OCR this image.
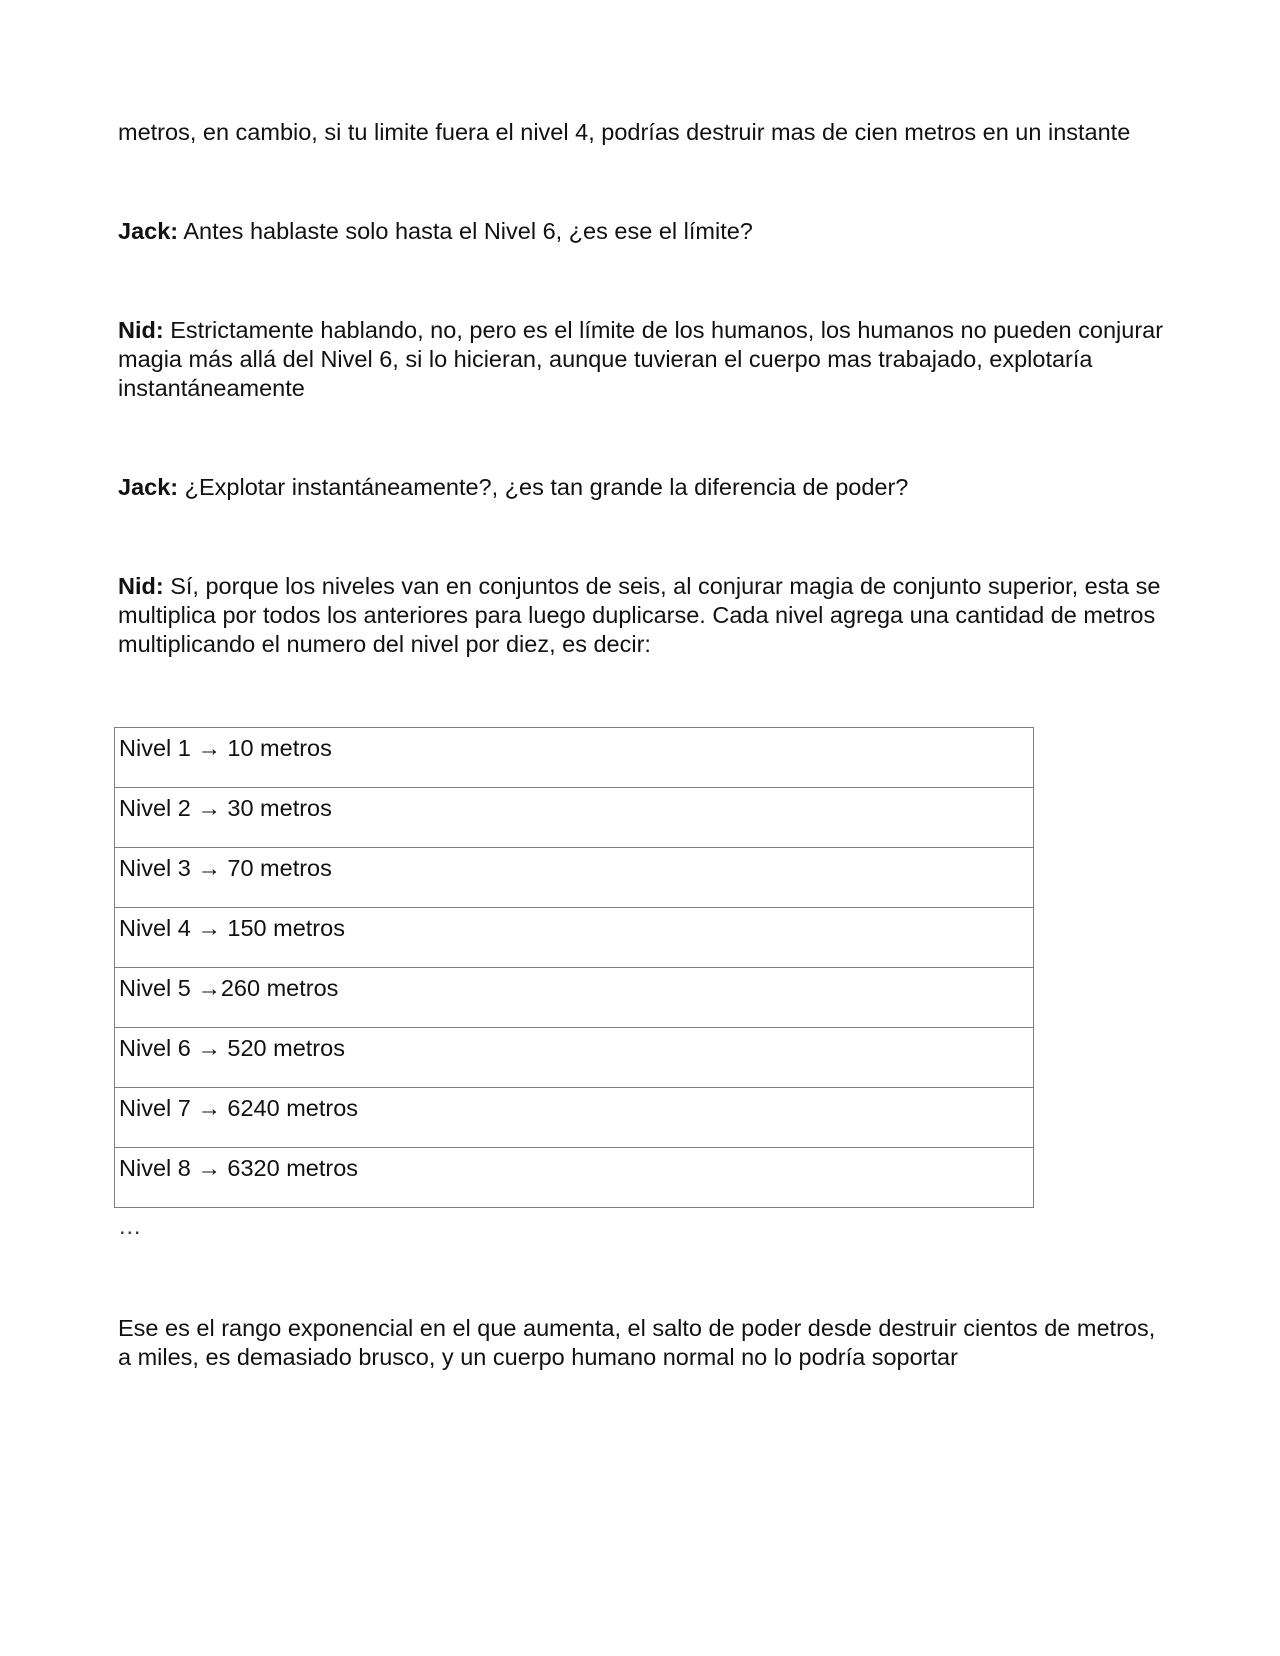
metros, en cambio, si tu limite fuera el nivel 4, podrías destruir mas de cien metros en un instante

Jack: Antes hablaste solo hasta el Nivel 6, ¿es ese el límite?

Nid: Estrictamente hablando, no, pero es el límite de los humanos, los humanos no pueden conjurar magia más allá del Nivel 6, si lo hicieran, aunque tuvieran el cuerpo mas trabajado, explotaría instantáneamente

Jack: ¿Explotar instantáneamente?, ¿es tan grande la diferencia de poder?

Nid: Sí, porque los niveles van en conjuntos de seis, al conjurar magia de conjunto superior, esta se multiplica por todos los anteriores para luego duplicarse. Cada nivel agrega una cantidad de metros multiplicando el numero del nivel por diez, es decir:

Nivel 1 → 10 metros
Nivel 2 → 30 metros
Nivel 3 → 70 metros
Nivel 4 → 150 metros
Nivel 5 →260 metros
Nivel 6 → 520 metros
Nivel 7 → 6240 metros
Nivel 8 → 6320 metros

…

Ese es el rango exponencial en el que aumenta, el salto de poder desde destruir cientos de metros, a miles, es demasiado brusco, y un cuerpo humano normal no lo podría soportar
